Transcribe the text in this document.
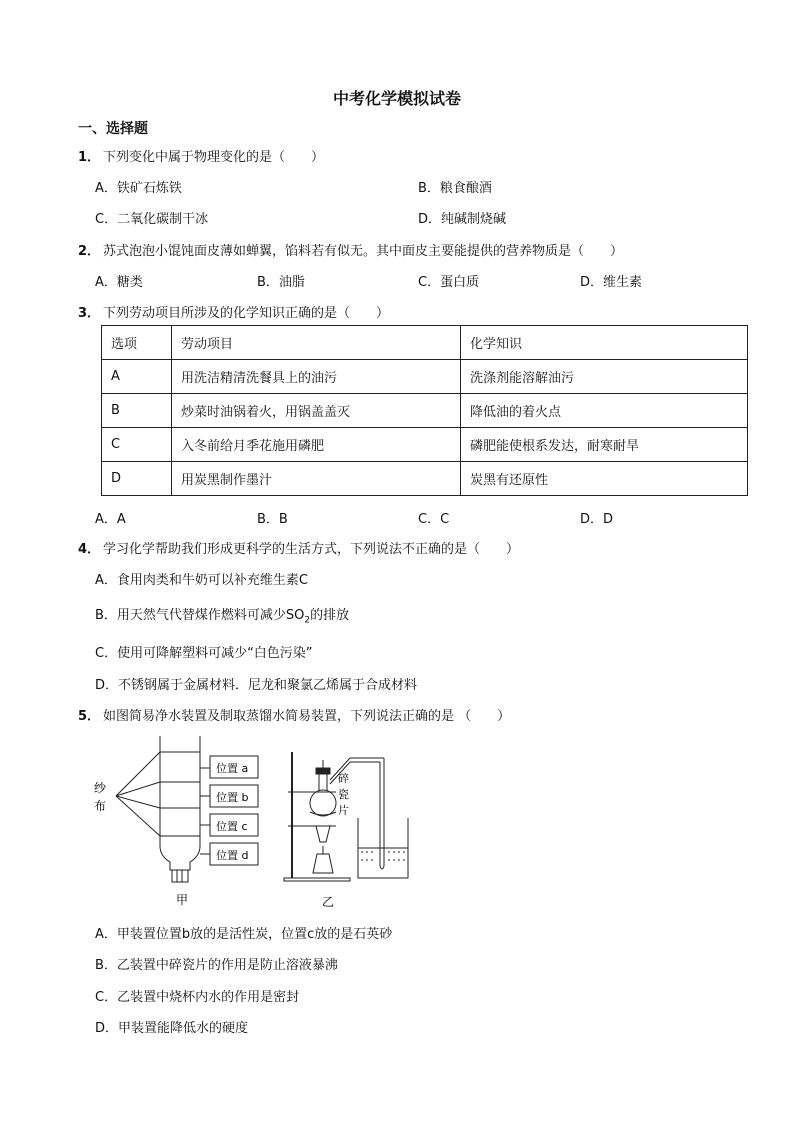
中考化学模拟试卷
一、选择题
1． 下列变化中属于物理变化的是（　　）
A．铁矿石炼铁	B．粮食酿酒
C．二氧化碳制干冰	D．纯碱制烧碱
2． 苏式泡泡小馄饨面皮薄如蝉翼，馅料若有似无。其中面皮主要能提供的营养物质是（　　）
A．糖类	B．油脂	C．蛋白质	D．维生素
3． 下列劳动项目所涉及的化学知识正确的是（　　）
选项	劳动项目	化学知识
A	用洗洁精清洗餐具上的油污	洗涤剂能溶解油污
B	炒菜时油锅着火，用锅盖盖灭	降低油的着火点
C	入冬前给月季花施用磷肥	磷肥能使根系发达，耐寒耐旱
D	用炭黑制作墨汁	炭黑有还原性
A．A	B．B	C．C	D．D
4． 学习化学帮助我们形成更科学的生活方式，下列说法不正确的是（　　）
A．食用肉类和牛奶可以补充维生素C
B．用天然气代替煤作燃料可减少$SO_2$的排放
C．使用可降解塑料可减少“白色污染”
D．不锈钢属于金属材料．尼龙和聚氯乙烯属于合成材料
5． 如图简易净水装置及制取蒸馏水简易装置，下列说法正确的是 （　　）
纱
布
位置 a
位置 b
位置 c
位置 d
甲
碎
瓷
片
乙
A．甲装置位置b放的是活性炭，位置c放的是石英砂
B．乙装置中碎瓷片的作用是防止溶液暴沸
C．乙装置中烧杯内水的作用是密封
D．甲装置能降低水的硬度
